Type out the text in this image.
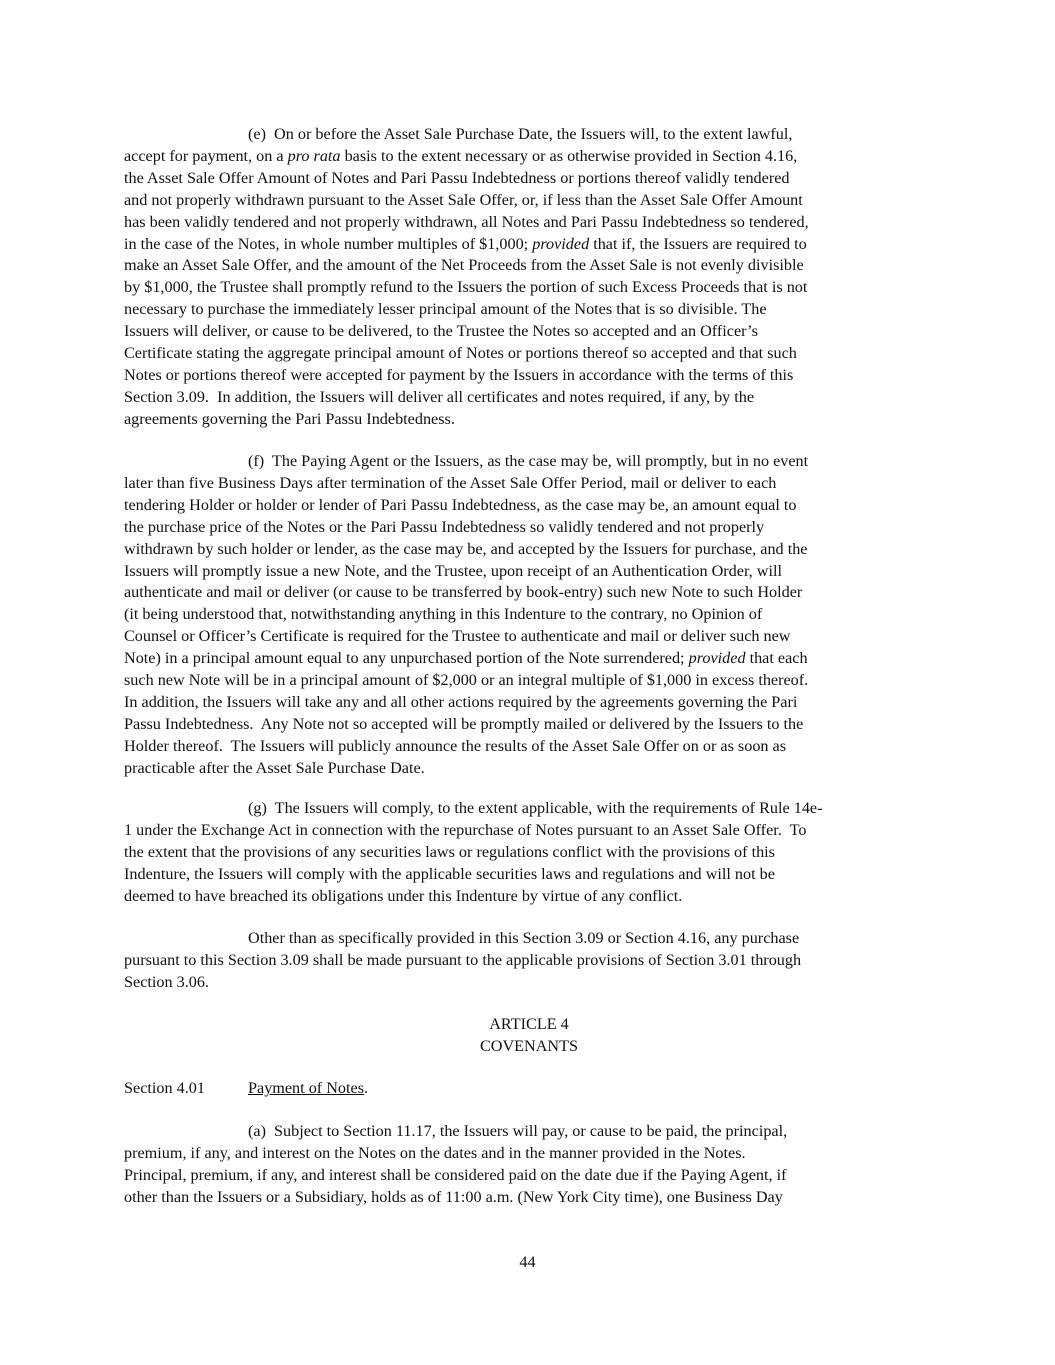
(e)  On or before the Asset Sale Purchase Date, the Issuers will, to the extent lawful,
accept for payment, on a pro rata basis to the extent necessary or as otherwise provided in Section 4.16,
the Asset Sale Offer Amount of Notes and Pari Passu Indebtedness or portions thereof validly tendered
and not properly withdrawn pursuant to the Asset Sale Offer, or, if less than the Asset Sale Offer Amount
has been validly tendered and not properly withdrawn, all Notes and Pari Passu Indebtedness so tendered,
in the case of the Notes, in whole number multiples of $1,000; provided that if, the Issuers are required to
make an Asset Sale Offer, and the amount of the Net Proceeds from the Asset Sale is not evenly divisible
by $1,000, the Trustee shall promptly refund to the Issuers the portion of such Excess Proceeds that is not
necessary to purchase the immediately lesser principal amount of the Notes that is so divisible. The
Issuers will deliver, or cause to be delivered, to the Trustee the Notes so accepted and an Officer’s
Certificate stating the aggregate principal amount of Notes or portions thereof so accepted and that such
Notes or portions thereof were accepted for payment by the Issuers in accordance with the terms of this
Section 3.09.  In addition, the Issuers will deliver all certificates and notes required, if any, by the
agreements governing the Pari Passu Indebtedness.
(f)  The Paying Agent or the Issuers, as the case may be, will promptly, but in no event
later than five Business Days after termination of the Asset Sale Offer Period, mail or deliver to each
tendering Holder or holder or lender of Pari Passu Indebtedness, as the case may be, an amount equal to
the purchase price of the Notes or the Pari Passu Indebtedness so validly tendered and not properly
withdrawn by such holder or lender, as the case may be, and accepted by the Issuers for purchase, and the
Issuers will promptly issue a new Note, and the Trustee, upon receipt of an Authentication Order, will
authenticate and mail or deliver (or cause to be transferred by book-entry) such new Note to such Holder
(it being understood that, notwithstanding anything in this Indenture to the contrary, no Opinion of
Counsel or Officer’s Certificate is required for the Trustee to authenticate and mail or deliver such new
Note) in a principal amount equal to any unpurchased portion of the Note surrendered; provided that each
such new Note will be in a principal amount of $2,000 or an integral multiple of $1,000 in excess thereof.
In addition, the Issuers will take any and all other actions required by the agreements governing the Pari
Passu Indebtedness.  Any Note not so accepted will be promptly mailed or delivered by the Issuers to the
Holder thereof.  The Issuers will publicly announce the results of the Asset Sale Offer on or as soon as
practicable after the Asset Sale Purchase Date.
(g)  The Issuers will comply, to the extent applicable, with the requirements of Rule 14e-
1 under the Exchange Act in connection with the repurchase of Notes pursuant to an Asset Sale Offer.  To
the extent that the provisions of any securities laws or regulations conflict with the provisions of this
Indenture, the Issuers will comply with the applicable securities laws and regulations and will not be
deemed to have breached its obligations under this Indenture by virtue of any conflict.
Other than as specifically provided in this Section 3.09 or Section 4.16, any purchase
pursuant to this Section 3.09 shall be made pursuant to the applicable provisions of Section 3.01 through
Section 3.06.
ARTICLE 4
COVENANTS
Section 4.01	Payment of Notes .
(a)  Subject to Section 11.17, the Issuers will pay, or cause to be paid, the principal,
premium, if any, and interest on the Notes on the dates and in the manner provided in the Notes.
Principal, premium, if any, and interest shall be considered paid on the date due if the Paying Agent, if
other than the Issuers or a Subsidiary, holds as of 11:00 a.m. (New York City time), one Business Day
44
